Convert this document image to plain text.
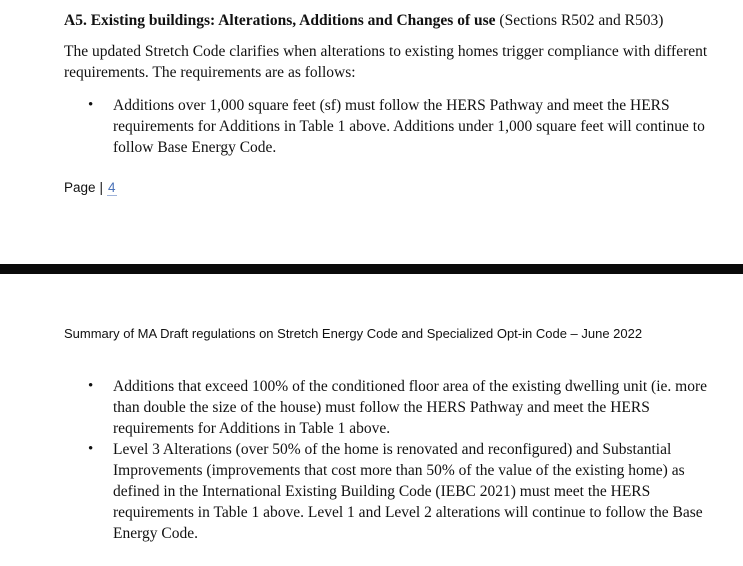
A5. Existing buildings: Alterations, Additions and Changes of use (Sections R502 and R503)
The updated Stretch Code clarifies when alterations to existing homes trigger compliance with different requirements. The requirements are as follows:
• Additions over 1,000 square feet (sf) must follow the HERS Pathway and meet the HERS requirements for Additions in Table 1 above. Additions under 1,000 square feet will continue to follow Base Energy Code.
Page | 4
Summary of MA Draft regulations on Stretch Energy Code and Specialized Opt-in Code – June 2022
• Additions that exceed 100% of the conditioned floor area of the existing dwelling unit (ie. more than double the size of the house) must follow the HERS Pathway and meet the HERS requirements for Additions in Table 1 above.
• Level 3 Alterations (over 50% of the home is renovated and reconfigured) and Substantial Improvements (improvements that cost more than 50% of the value of the existing home) as defined in the International Existing Building Code (IEBC 2021) must meet the HERS requirements in Table 1 above. Level 1 and Level 2 alterations will continue to follow the Base Energy Code.
